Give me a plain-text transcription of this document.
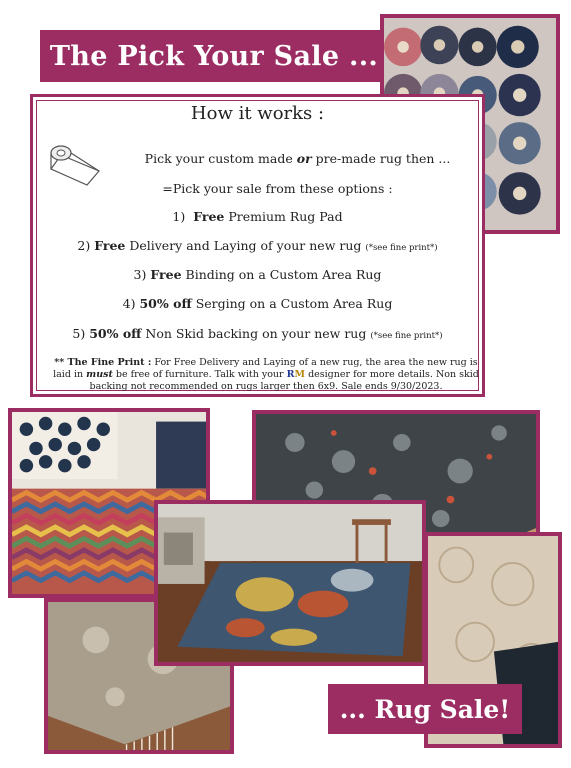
The Pick Your Sale ...
How it works :
Pick your custom made or pre-made rug then ...
=Pick your sale from these options :
1) Free Premium Rug Pad
2) Free Delivery and Laying of your new rug (*see fine print*)
3) Free Binding on a Custom Area Rug
4) 50% off Serging on a Custom Area Rug
5) 50% off Non Skid backing on your new rug (*see fine print*)
** The Fine Print : For Free Delivery and Laying of a new rug, the area the new rug is laid in must be free of furniture. Talk with your RM designer for more details. Non skid backing not recommended on rugs larger then 6x9. Sale ends 9/30/2023.
... Rug Sale!
